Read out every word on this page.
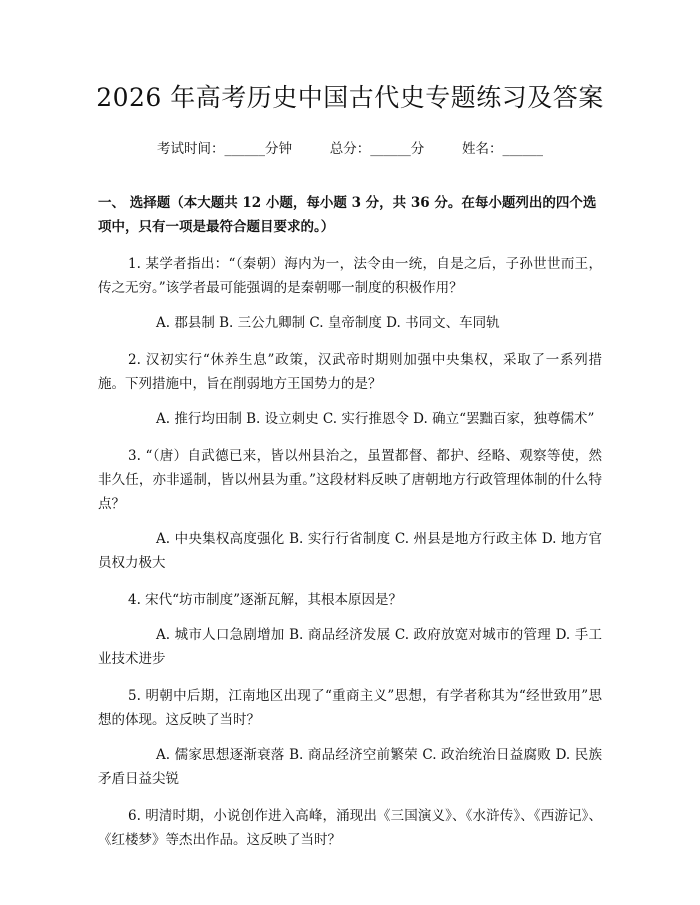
2026 年高考历史中国古代史专题练习及答案
考试时间：______分钟      总分：______分      姓名：______
一、 选择题（本大题共 12 小题，每小题 3 分，共 36 分。在每小题列出的四个选项中，只有一项是最符合题目要求的。）
1. 某学者指出：“（秦朝）海内为一，法令由一统，自是之后，子孙世世而王，传之无穷。”该学者最可能强调的是秦朝哪一制度的积极作用？
A. 郡县制 B. 三公九卿制 C. 皇帝制度 D. 书同文、车同轨
2. 汉初实行“休养生息”政策，汉武帝时期则加强中央集权，采取了一系列措施。下列措施中，旨在削弱地方王国势力的是？
A. 推行均田制 B. 设立刺史 C. 实行推恩令 D. 确立“罢黜百家，独尊儒术”
3. “（唐）自武德已来，皆以州县治之，虽置都督、都护、经略、观察等使，然非久任，亦非遥制，皆以州县为重。”这段材料反映了唐朝地方行政管理体制的什么特点？
A. 中央集权高度强化 B. 实行行省制度 C. 州县是地方行政主体 D. 地方官员权力极大
4. 宋代“坊市制度”逐渐瓦解，其根本原因是？
A. 城市人口急剧增加 B. 商品经济发展 C. 政府放宽对城市的管理 D. 手工业技术进步
5. 明朝中后期，江南地区出现了“重商主义”思想，有学者称其为“经世致用”思想的体现。这反映了当时？
A. 儒家思想逐渐衰落 B. 商品经济空前繁荣 C. 政治统治日益腐败 D. 民族矛盾日益尖锐
6. 明清时期，小说创作进入高峰，涌现出《三国演义》、《水浒传》、《西游记》、《红楼梦》等杰出作品。这反映了当时？
